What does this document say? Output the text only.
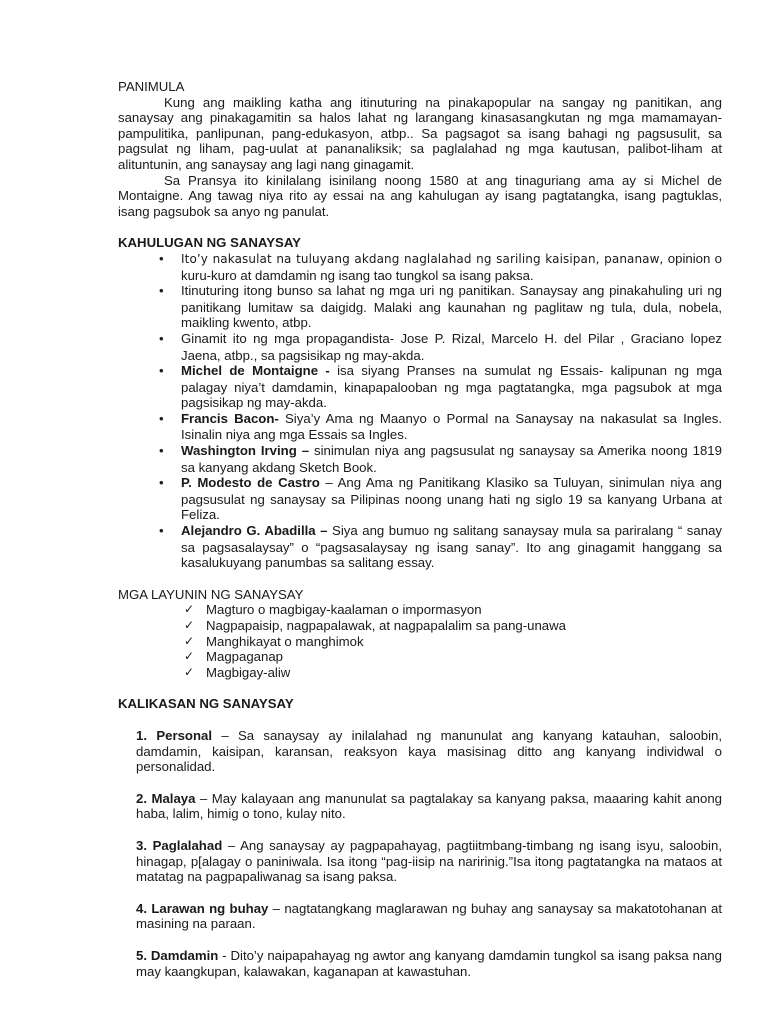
PANIMULA

Kung ang maikling katha ang itinuturing na pinakapopular na sangay ng panitikan, ang sanaysay ang pinakagamitin sa halos lahat ng larangang kinasasangkutan ng mga mamamayan- pampulitika, panlipunan, pang-edukasyon, atbp.. Sa pagsagot sa isang bahagi ng pagsusulit, sa pagsulat ng liham, pag-uulat at pananaliksik; sa paglalahad ng mga kautusan, palibot-liham at alituntunin, ang sanaysay ang lagi nang ginagamit.

Sa Pransya ito kinilalang isinilang noong 1580 at ang tinaguriang ama ay si Michel de Montaigne. Ang tawag niya rito ay essai na ang kahulugan ay isang pagtatangka, isang pagtuklas, isang pagsubok sa anyo ng panulat.

KAHULUGAN NG SANAYSAY
• Ito’y nakasulat na tuluyang akdang naglalahad ng sariling kaisipan, pananaw, opinion o kuru-kuro at damdamin ng isang tao tungkol sa isang paksa.
• Itinuturing itong bunso sa lahat ng mga uri ng panitikan. Sanaysay ang pinakahuling uri ng panitikang lumitaw sa daigidg. Malaki ang kaunahan ng paglitaw ng tula, dula, nobela, maikling kwento, atbp.
• Ginamit ito ng mga propagandista- Jose P. Rizal, Marcelo H. del Pilar , Graciano lopez Jaena, atbp., sa pagsisikap ng may-akda.
• Michel de Montaigne - isa siyang Pranses na sumulat ng Essais- kalipunan ng mga palagay niya’t damdamin, kinapapalooban ng mga pagtatangka, mga pagsubok at mga pagsisikap ng may-akda.
• Francis Bacon- Siya’y Ama ng Maanyo o Pormal na Sanaysay na nakasulat sa Ingles. Isinalin niya ang mga Essais sa Ingles.
• Washington Irving – sinimulan niya ang pagsusulat ng sanaysay sa Amerika noong 1819 sa kanyang akdang Sketch Book.
• P. Modesto de Castro – Ang Ama ng Panitikang Klasiko sa Tuluyan, sinimulan niya ang pagsusulat ng sanaysay sa Pilipinas noong unang hati ng siglo 19 sa kanyang Urbana at Feliza.
• Alejandro G. Abadilla – Siya ang bumuo ng salitang sanaysay mula sa pariralang “ sanay sa pagsasalaysay” o “pagsasalaysay ng isang sanay”. Ito ang ginagamit hanggang sa kasalukuyang panumbas sa salitang essay.
MGA LAYUNIN NG SANAYSAY
✓ Magturo o magbigay-kaalaman o impormasyon
✓ Nagpapaisip, nagpapalawak, at nagpapalalim sa pang-unawa
✓ Manghikayat o manghimok
✓ Magpaganap
✓ Magbigay-aliw
KALIKASAN NG SANAYSAY

1. Personal – Sa sanaysay ay inilalahad ng manunulat ang kanyang katauhan, saloobin, damdamin, kaisipan, karansan, reaksyon kaya masisinag ditto ang kanyang individwal o personalidad.

2. Malaya – May kalayaan ang manunulat sa pagtalakay sa kanyang paksa, maaaring kahit anong haba, lalim, himig o tono, kulay nito.

3. Paglalahad – Ang sanaysay ay pagpapahayag, pagtiitmbang-timbang ng isang isyu, saloobin, hinagap, p[alagay o paniniwala. Isa itong “pag-iisip na naririnig.”Isa itong pagtatangka na mataos at matatag na pagpapaliwanag sa isang paksa.

4. Larawan ng buhay – nagtatangkang maglarawan ng buhay ang sanaysay sa makatotohanan at masining na paraan.

5. Damdamin - Dito’y naipapahayag ng awtor ang kanyang damdamin tungkol sa isang paksa nang may kaangkupan, kalawakan, kaganapan at kawastuhan.
